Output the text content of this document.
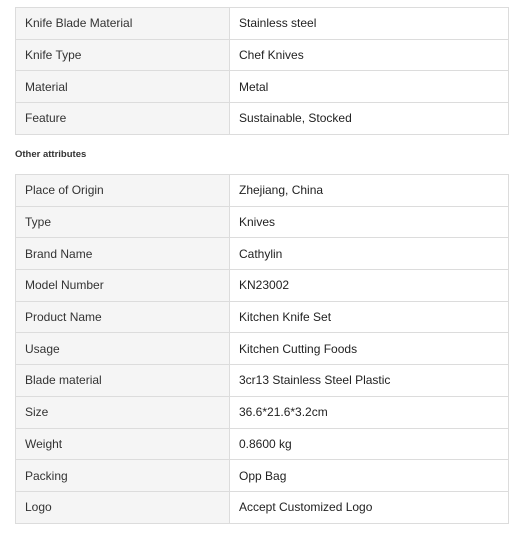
Knife Blade Material	Stainless steel
Knife Type	Chef Knives
Material	Metal
Feature	Sustainable, Stocked
Other attributes
Place of Origin	Zhejiang, China
Type	Knives
Brand Name	Cathylin
Model Number	KN23002
Product Name	Kitchen Knife Set
Usage	Kitchen Cutting Foods
Blade material	3cr13 Stainless Steel Plastic
Size	36.6*21.6*3.2cm
Weight	0.8600 kg
Packing	Opp Bag
Logo	Accept Customized Logo
